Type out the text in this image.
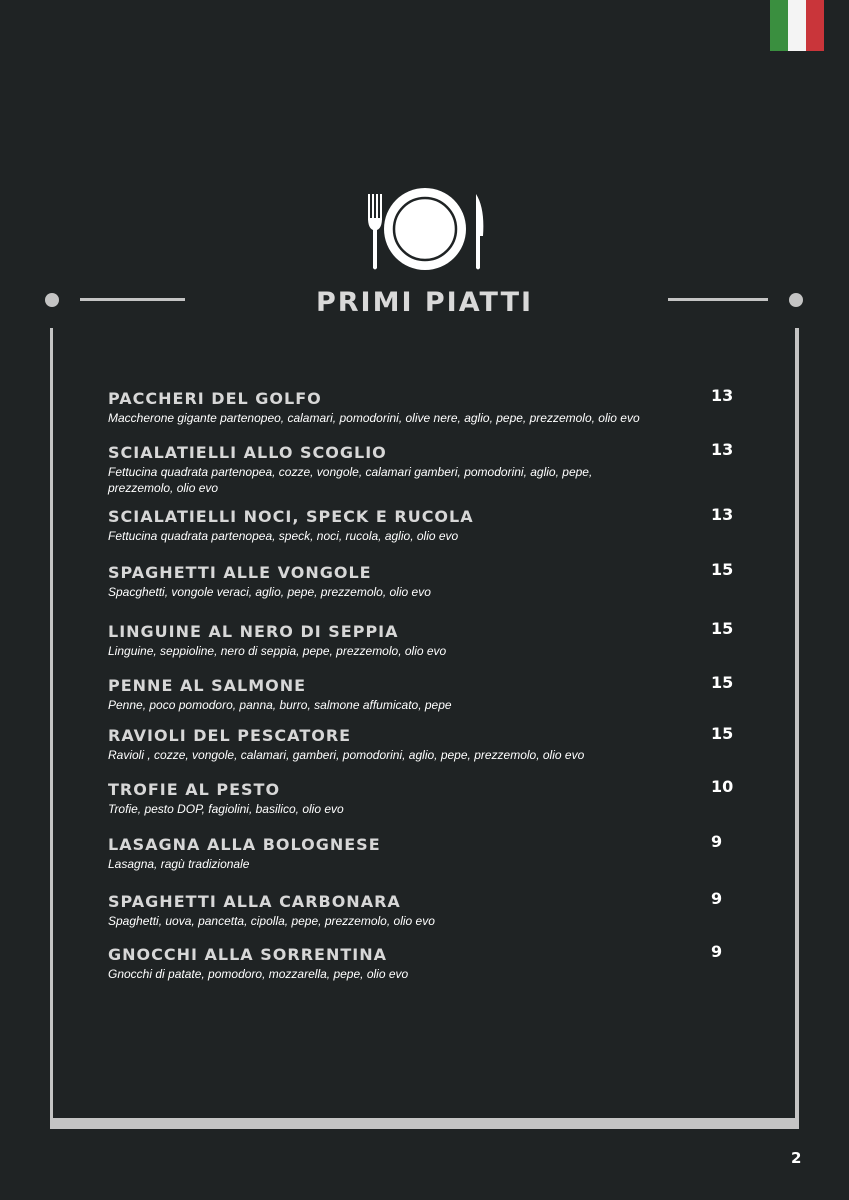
PRIMI PIATTI
PACCHERI DEL GOLFO
Maccherone gigante partenopeo, calamari, pomodorini, olive nere, aglio, pepe, prezzemolo, olio evo
13
SCIALATIELLI ALLO SCOGLIO
Fettucina quadrata partenopea, cozze, vongole, calamari gamberi, pomodorini, aglio, pepe, prezzemolo, olio evo
13
SCIALATIELLI NOCI, SPECK E RUCOLA
Fettucina quadrata partenopea, speck, noci, rucola, aglio, olio evo
13
SPAGHETTI ALLE VONGOLE
Spacghetti, vongole veraci, aglio, pepe, prezzemolo, olio evo
15
LINGUINE AL NERO DI SEPPIA
Linguine, seppioline, nero di seppia, pepe, prezzemolo, olio evo
15
PENNE AL SALMONE
Penne, poco pomodoro, panna, burro, salmone affumicato, pepe
15
RAVIOLI DEL PESCATORE
Ravioli , cozze, vongole, calamari, gamberi, pomodorini, aglio, pepe, prezzemolo, olio evo
15
TROFIE AL PESTO
Trofie, pesto DOP, fagiolini, basilico, olio evo
10
LASAGNA ALLA BOLOGNESE
Lasagna, ragù tradizionale
9
SPAGHETTI ALLA CARBONARA
Spaghetti, uova, pancetta, cipolla, pepe, prezzemolo, olio evo
9
GNOCCHI ALLA SORRENTINA
Gnocchi di patate, pomodoro, mozzarella, pepe, olio evo
9
2
